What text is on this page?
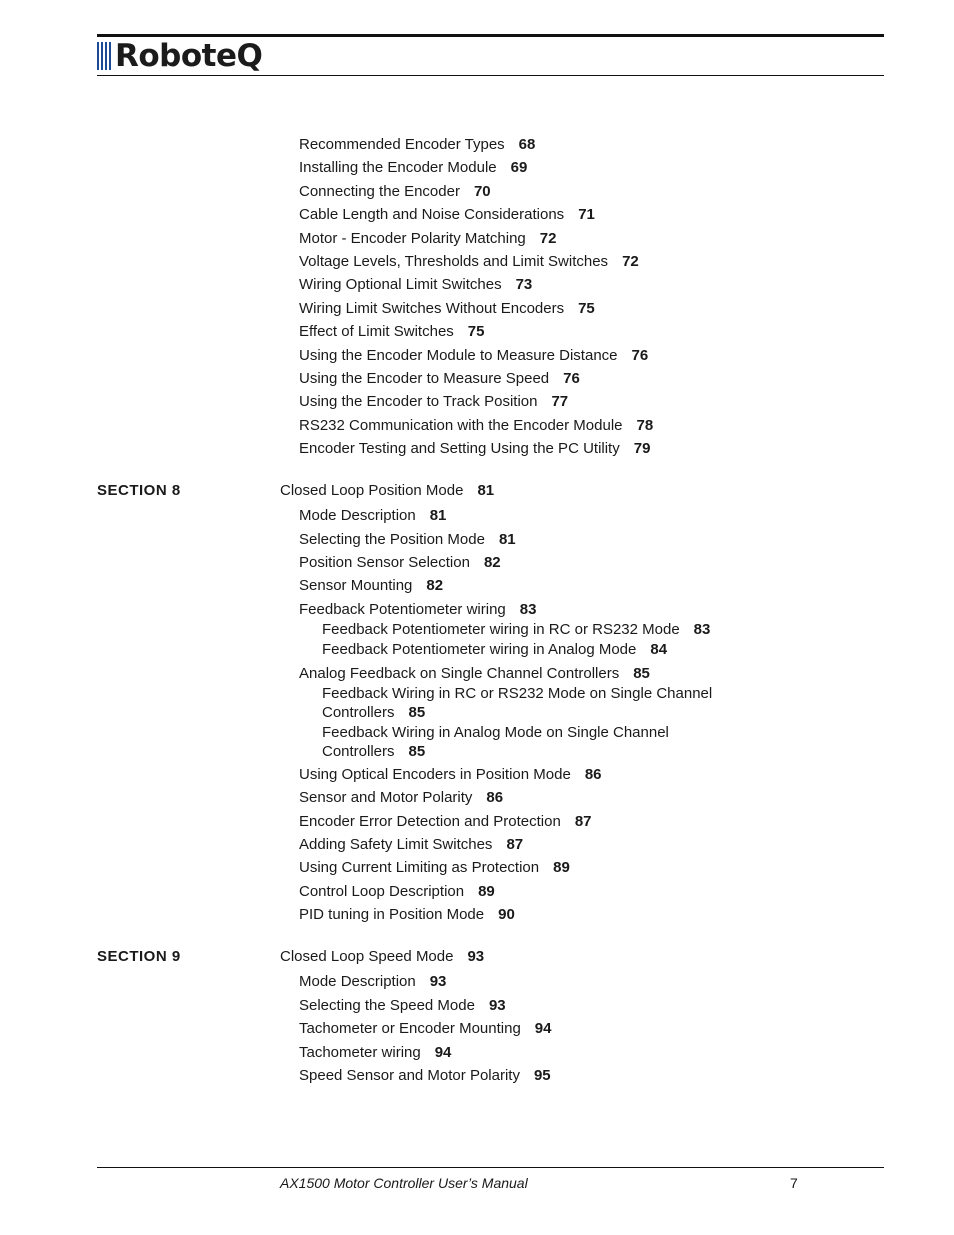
RoboteQ
Recommended Encoder Types 68
Installing the Encoder Module 69
Connecting the Encoder 70
Cable Length and Noise Considerations 71
Motor - Encoder Polarity Matching 72
Voltage Levels, Thresholds and Limit Switches 72
Wiring Optional Limit Switches 73
Wiring Limit Switches Without Encoders 75
Effect of Limit Switches 75
Using the Encoder Module to Measure Distance 76
Using the Encoder to Measure Speed 76
Using the Encoder to Track Position 77
RS232 Communication with the Encoder Module 78
Encoder Testing and Setting Using the PC Utility 79
SECTION 8	Closed Loop Position Mode 81
Mode Description 81
Selecting the Position Mode 81
Position Sensor Selection 82
Sensor Mounting 82
Feedback Potentiometer wiring 83
Feedback Potentiometer wiring in RC or RS232 Mode 83
Feedback Potentiometer wiring in Analog Mode 84
Analog Feedback on Single Channel Controllers 85
Feedback Wiring in RC or RS232 Mode on Single Channel
Controllers 85
Feedback Wiring in Analog Mode on Single Channel
Controllers 85
Using Optical Encoders in Position Mode 86
Sensor and Motor Polarity 86
Encoder Error Detection and Protection 87
Adding Safety Limit Switches 87
Using Current Limiting as Protection 89
Control Loop Description 89
PID tuning in Position Mode 90
SECTION 9	Closed Loop Speed Mode 93
Mode Description 93
Selecting the Speed Mode 93
Tachometer or Encoder Mounting 94
Tachometer wiring 94
Speed Sensor and Motor Polarity 95
AX1500 Motor Controller User’s Manual	7
